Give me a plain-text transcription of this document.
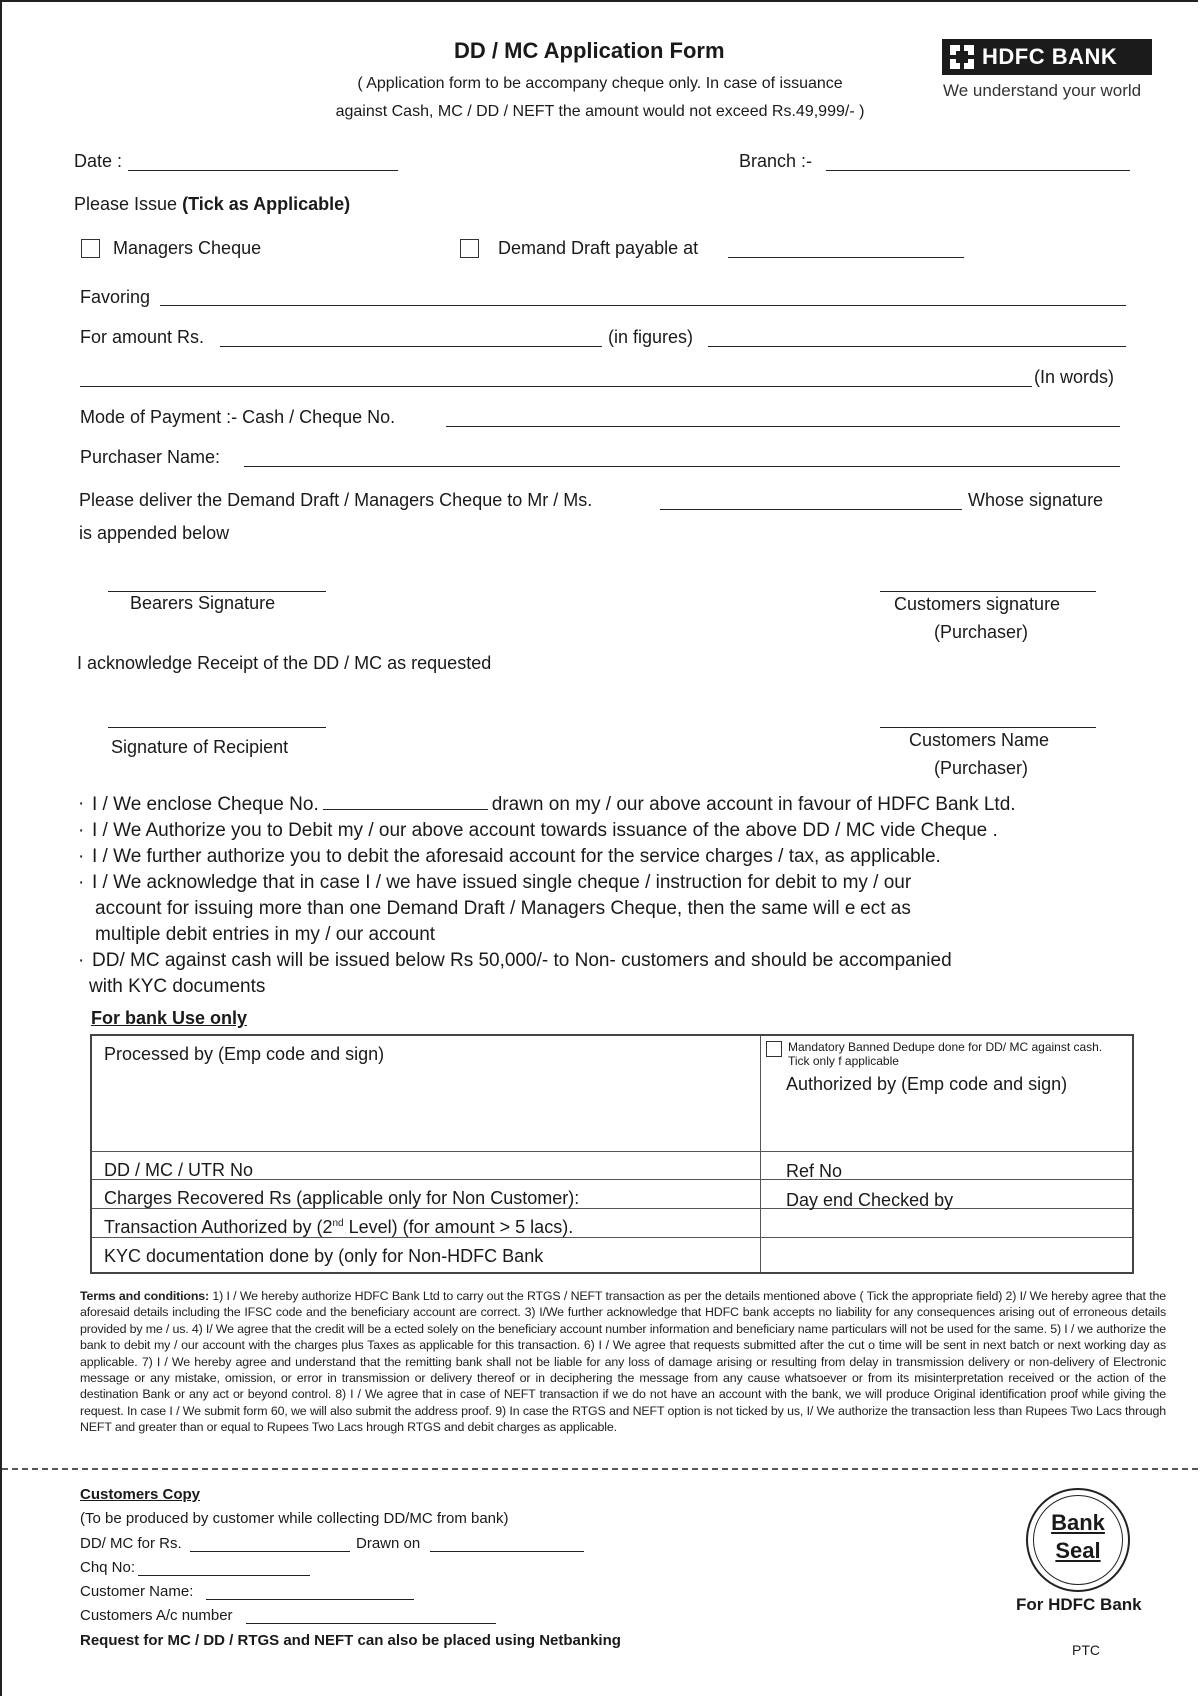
DD / MC Application Form
( Application form to be accompany cheque only. In case of issuance
against Cash, MC / DD / NEFT the amount would not exceed Rs.49,999/- )
HDFC BANK
We understand your world
Date :	Branch :-
Please Issue (Tick as Applicable)
Managers Cheque	Demand Draft payable at
Favoring
For amount Rs.	(in figures)
(In words)
Mode of Payment :- Cash / Cheque No.
Purchaser Name:
Please deliver the Demand Draft / Managers Cheque to Mr / Ms.	Whose signature
is appended below
Bearers Signature	Customers signature
(Purchaser)
I acknowledge Receipt of the DD / MC as requested
Signature of Recipient	Customers Name
(Purchaser)
· I / We enclose Cheque No.	drawn on my / our above account in favour of HDFC Bank Ltd.
· I / We Authorize you to Debit my / our above account towards issuance of the above DD / MC vide Cheque .
· I / We further authorize you to debit the aforesaid account for the service charges / tax, as applicable.
· I / We acknowledge that in case I / we have issued single cheque / instruction for debit to my / our
account for issuing more than one Demand Draft / Managers Cheque, then the same will e ect as
multiple debit entries in my / our account
· DD/ MC against cash will be issued below Rs 50,000/- to Non- customers and should be accompanied
with KYC documents
For bank Use only
Processed by (Emp code and sign)	Mandatory Banned Dedupe done for DD/ MC against cash.
Tick only f applicable
Authorized by (Emp code and sign)
DD / MC / UTR No	Ref No
Charges Recovered Rs (applicable only for Non Customer):	Day end Checked by
Transaction Authorized by (2nd Level) (for amount > 5 lacs).
KYC documentation done by (only for Non-HDFC Bank
Terms and conditions: 1) I / We hereby authorize HDFC Bank Ltd to carry out the RTGS / NEFT transaction as per the details mentioned above ( Tick the appropriate field) 2) I/ We hereby agree that the aforesaid details including the IFSC code and the beneficiary account are correct. 3) I/We further acknowledge that HDFC bank accepts no liability for any consequences arising out of erroneous details provided by me / us. 4) I/ We agree that the credit will be a ected solely on the beneficiary account number information and beneficiary name particulars will not be used for the same. 5) I / we authorize the bank to debit my / our account with the charges plus Taxes as applicable for this transaction. 6) I / We agree that requests submitted after the cut o time will be sent in next batch or next working day as applicable. 7) I / We hereby agree and understand that the remitting bank shall not be liable for any loss of damage arising or resulting from delay in transmission delivery or non-delivery of Electronic message or any mistake, omission, or error in transmission or delivery thereof or in deciphering the message from any cause whatsoever or from its misinterpretation received or the action of the destination Bank or any act or beyond control. 8) I / We agree that in case of NEFT transaction if we do not have an account with the bank, we will produce Original identification proof while giving the request. In case I / We submit form 60, we will also submit the address proof. 9) In case the RTGS and NEFT option is not ticked by us, I/ We authorize the transaction less than Rupees Two Lacs through NEFT and greater than or equal to Rupees Two Lacs hrough RTGS and debit charges as applicable.
Customers Copy
(To be produced by customer while collecting DD/MC from bank)
DD/ MC for Rs.	Drawn on
Chq No:
Customer Name:
Customers A/c number
Request for MC / DD / RTGS and NEFT can also be placed using Netbanking
Bank
Seal
For HDFC Bank
PTC
